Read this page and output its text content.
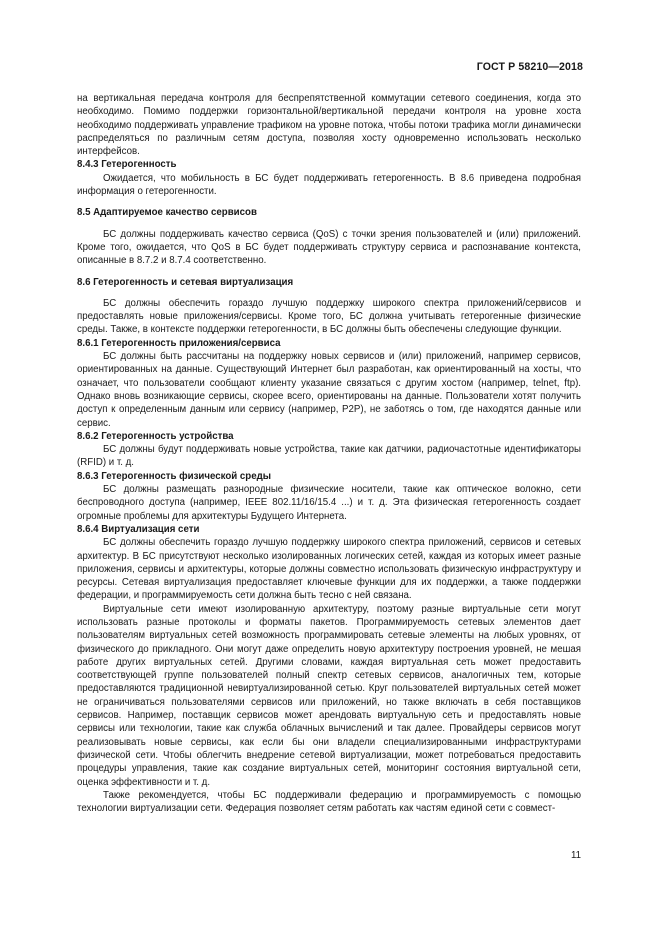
ГОСТ Р 58210—2018

на вертикальная передача контроля для беспрепятственной коммутации сетевого соединения, когда это необходимо. Помимо поддержки горизонтальной/вертикальной передачи контроля на уровне хоста необходимо поддерживать управление трафиком на уровне потока, чтобы потоки трафика могли динамически распределяться по различным сетям доступа, позволяя хосту одновременно использовать несколько интерфейсов.

8.4.3 Гетерогенность

Ожидается, что мобильность в БС будет поддерживать гетерогенность. В 8.6 приведена подробная информация о гетерогенности.

8.5 Адаптируемое качество сервисов

БС должны поддерживать качество сервиса (QoS) с точки зрения пользователей и (или) приложений. Кроме того, ожидается, что QoS в БС будет поддерживать структуру сервиса и распознавание контекста, описанные в 8.7.2 и 8.7.4 соответственно.

8.6 Гетерогенность и сетевая виртуализация

БС должны обеспечить гораздо лучшую поддержку широкого спектра приложений/сервисов и предоставлять новые приложения/сервисы. Кроме того, БС должна учитывать гетерогенные физические среды. Также, в контексте поддержки гетерогенности, в БС должны быть обеспечены следующие функции.

8.6.1 Гетерогенность приложения/сервиса

БС должны быть рассчитаны на поддержку новых сервисов и (или) приложений, например сервисов, ориентированных на данные. Существующий Интернет был разработан, как ориентированный на хосты, что означает, что пользователи сообщают клиенту указание связаться с другим хостом (например, telnet, ftp). Однако вновь возникающие сервисы, скорее всего, ориентированы на данные. Пользователи хотят получить доступ к определенным данным или сервису (например, P2P), не заботясь о том, где находятся данные или сервис.

8.6.2 Гетерогенность устройства

БС должны будут поддерживать новые устройства, такие как датчики, радиочастотные идентификаторы (RFID) и т. д.

8.6.3 Гетерогенность физической среды

БС должны размещать разнородные физические носители, такие как оптическое волокно, сети беспроводного доступа (например, IEEE 802.11/16/15.4 ...) и т. д. Эта физическая гетерогенность создает огромные проблемы для архитектуры Будущего Интернета.

8.6.4 Виртуализация сети

БС должны обеспечить гораздо лучшую поддержку широкого спектра приложений, сервисов и сетевых архитектур. В БС присутствуют несколько изолированных логических сетей, каждая из которых имеет разные приложения, сервисы и архитектуры, которые должны совместно использовать физическую инфраструктуру и ресурсы. Сетевая виртуализация предоставляет ключевые функции для их поддержки, а также поддержки федерации, и программируемость сети должна быть тесно с ней связана.

Виртуальные сети имеют изолированную архитектуру, поэтому разные виртуальные сети могут использовать разные протоколы и форматы пакетов. Программируемость сетевых элементов дает пользователям виртуальных сетей возможность программировать сетевые элементы на любых уровнях, от физического до прикладного. Они могут даже определить новую архитектуру построения уровней, не мешая работе других виртуальных сетей. Другими словами, каждая виртуальная сеть может предоставить соответствующей группе пользователей полный спектр сетевых сервисов, аналогичных тем, которые предоставляются традиционной невиртуализированной сетью. Круг пользователей виртуальных сетей может не ограничиваться пользователями сервисов или приложений, но также включать в себя поставщиков сервисов. Например, поставщик сервисов может арендовать виртуальную сеть и предоставлять новые сервисы или технологии, такие как служба облачных вычислений и так далее. Провайдеры сервисов могут реализовывать новые сервисы, как если бы они владели специализированными инфраструктурами физической сети. Чтобы облегчить внедрение сетевой виртуализации, может потребоваться предоставить процедуры управления, такие как создание виртуальных сетей, мониторинг состояния виртуальной сети, оценка эффективности и т. д.

Также рекомендуется, чтобы БС поддерживали федерацию и программируемость с помощью технологии виртуализации сети. Федерация позволяет сетям работать как частям единой сети с совмест-

11
